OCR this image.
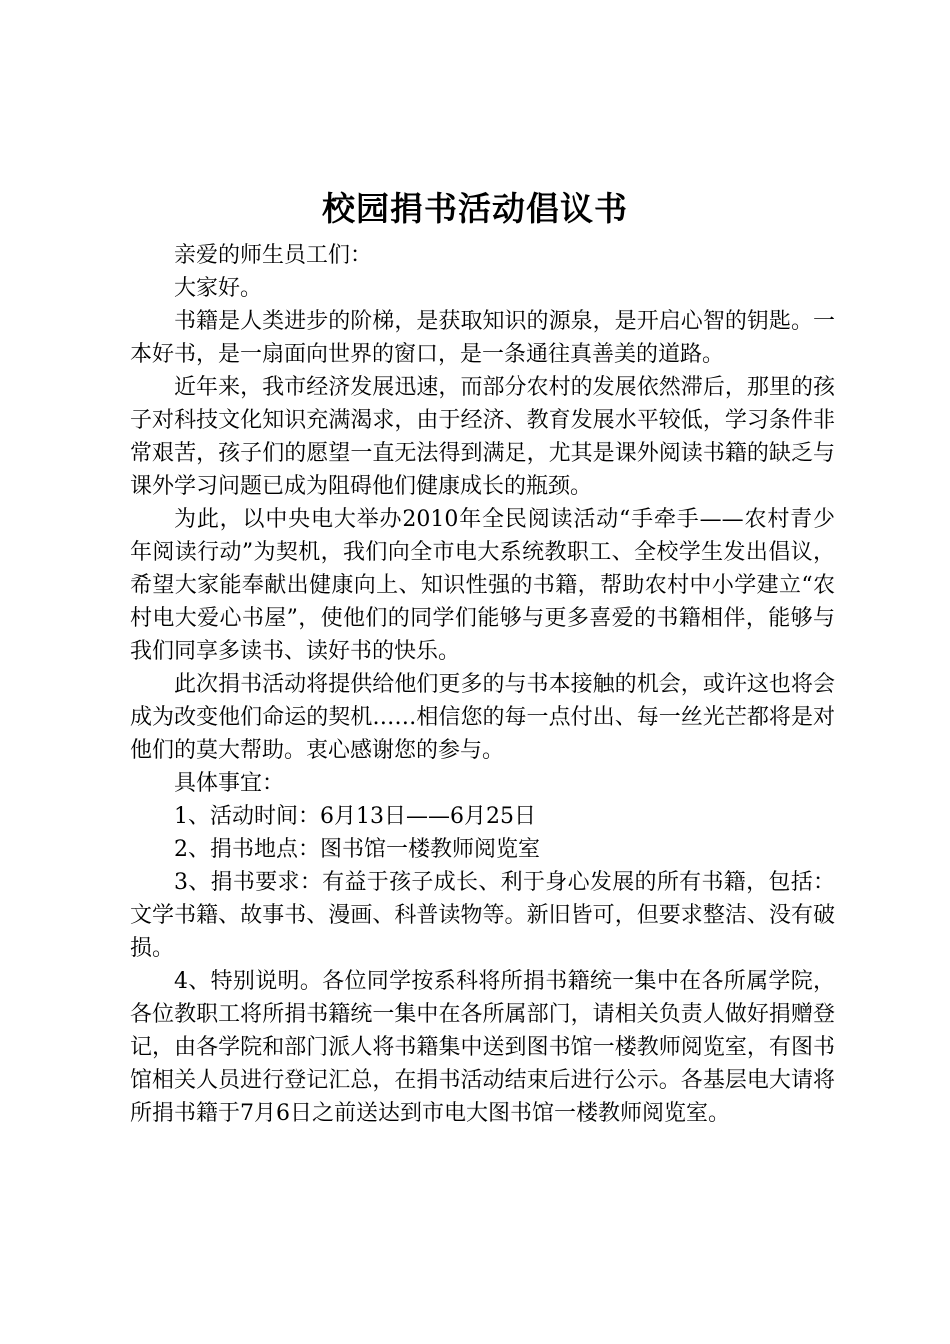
校园捐书活动倡议书

亲爱的师生员工们：

大家好。

书籍是人类进步的阶梯，是获取知识的源泉，是开启心智的钥匙。一本好书，是一扇面向世界的窗口，是一条通往真善美的道路。

近年来，我市经济发展迅速，而部分农村的发展依然滞后，那里的孩子对科技文化知识充满渴求，由于经济、教育发展水平较低，学习条件非常艰苦，孩子们的愿望一直无法得到满足，尤其是课外阅读书籍的缺乏与课外学习问题已成为阻碍他们健康成长的瓶颈。

为此，以中央电大举办2010年全民阅读活动“手牵手——农村青少年阅读行动”为契机，我们向全市电大系统教职工、全校学生发出倡议，希望大家能奉献出健康向上、知识性强的书籍，帮助农村中小学建立“农村电大爱心书屋”，使他们的同学们能够与更多喜爱的书籍相伴，能够与我们同享多读书、读好书的快乐。

此次捐书活动将提供给他们更多的与书本接触的机会，或许这也将会成为改变他们命运的契机……相信您的每一点付出、每一丝光芒都将是对他们的莫大帮助。衷心感谢您的参与。

具体事宜：

1、活动时间：6月13日——6月25日

2、捐书地点：图书馆一楼教师阅览室

3、捐书要求：有益于孩子成长、利于身心发展的所有书籍，包括：文学书籍、故事书、漫画、科普读物等。新旧皆可，但要求整洁、没有破损。

4、特别说明。各位同学按系科将所捐书籍统一集中在各所属学院，各位教职工将所捐书籍统一集中在各所属部门，请相关负责人做好捐赠登记，由各学院和部门派人将书籍集中送到图书馆一楼教师阅览室，有图书馆相关人员进行登记汇总，在捐书活动结束后进行公示。各基层电大请将所捐书籍于7月6日之前送达到市电大图书馆一楼教师阅览室。
